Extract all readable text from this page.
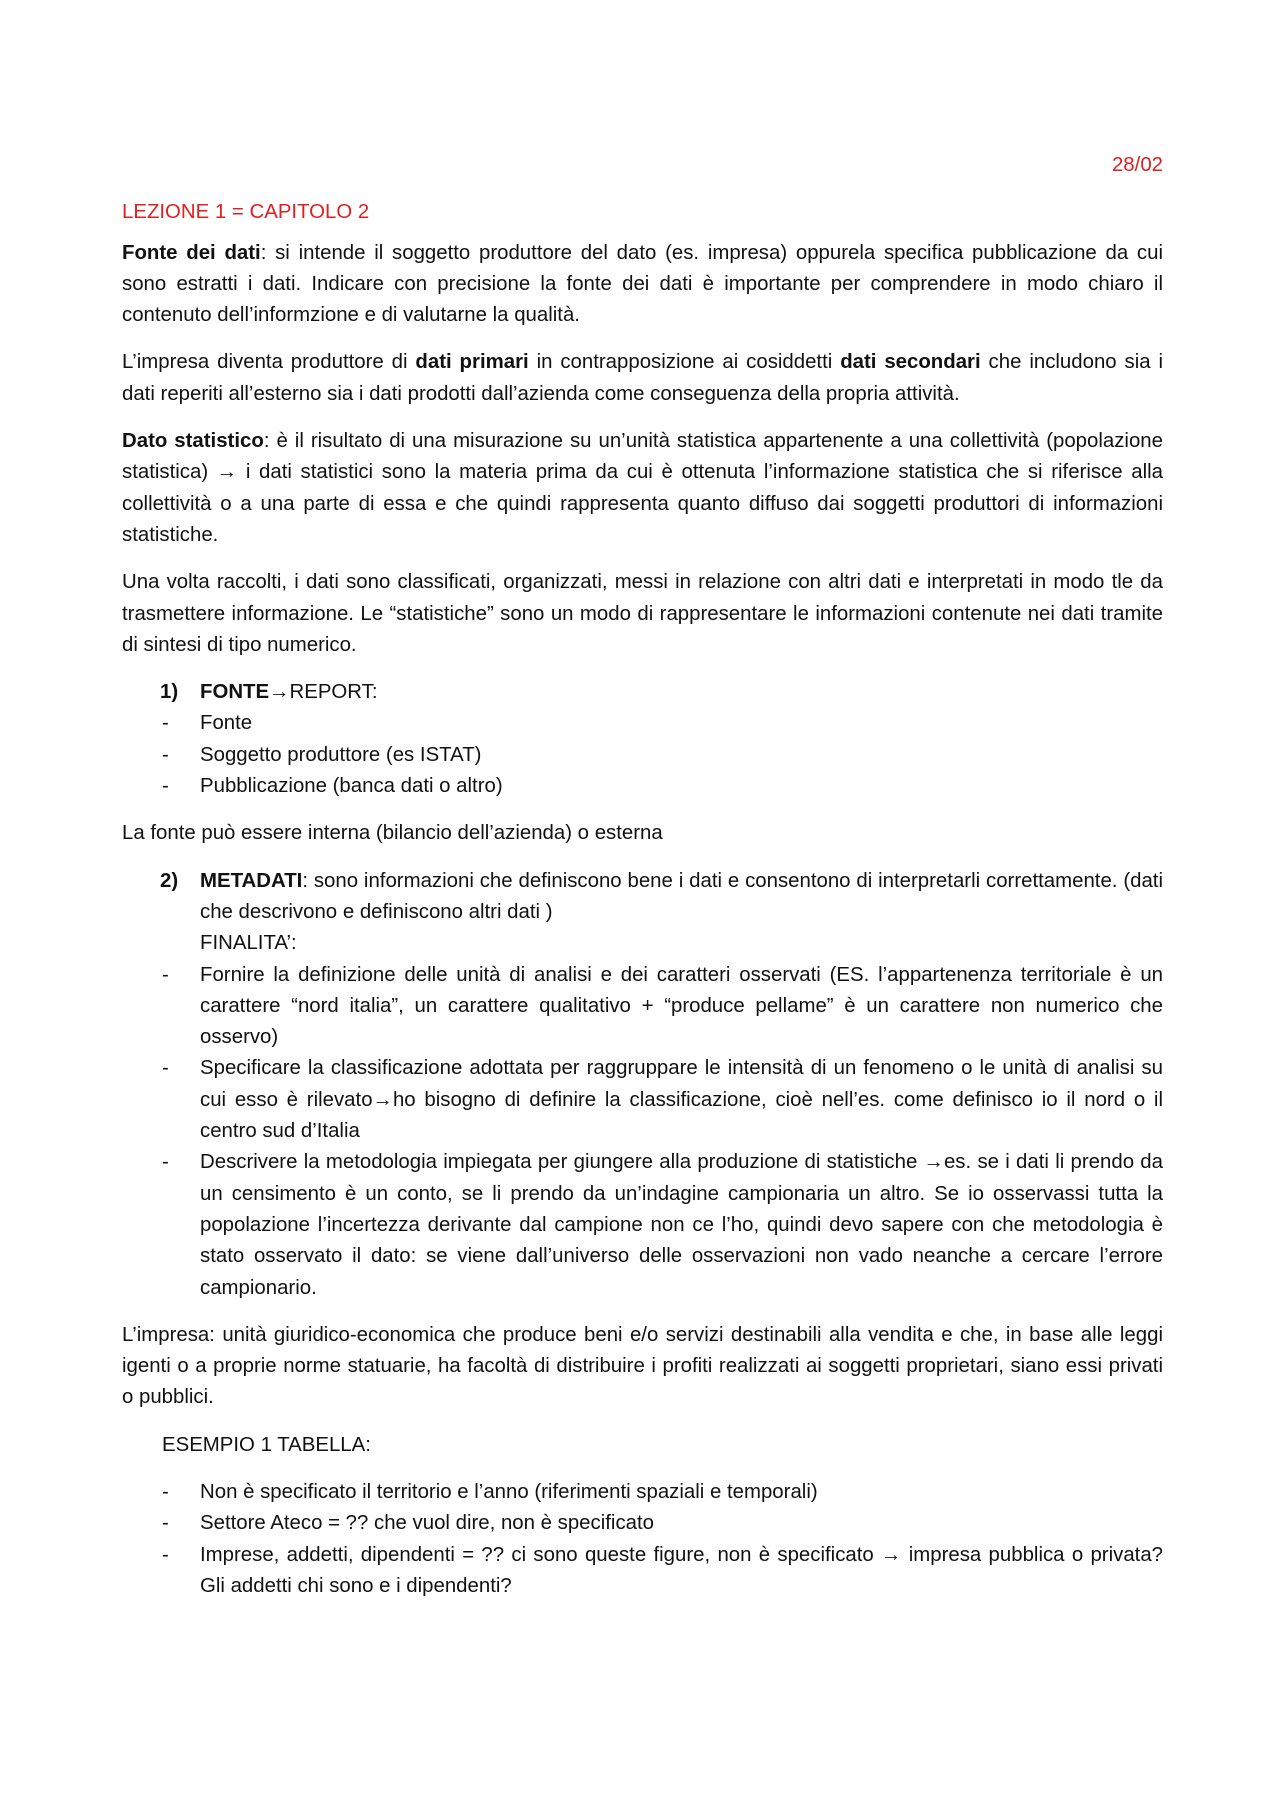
28/02
LEZIONE 1 = CAPITOLO 2

Fonte dei dati: si intende il soggetto produttore del dato (es. impresa) oppurela specifica pubblicazione da cui sono estratti i dati. Indicare con precisione la fonte dei dati è importante per comprendere in modo chiaro il contenuto dell’informzione e di valutarne la qualità.

L’impresa diventa produttore di dati primari in contrapposizione ai cosiddetti dati secondari che includono sia i dati reperiti all’esterno sia i dati prodotti dall’azienda come conseguenza della propria attività.

Dato statistico: è il risultato di una misurazione su un’unità statistica appartenente a una collettività (popolazione statistica) → i dati statistici sono la materia prima da cui è ottenuta l’informazione statistica che si riferisce alla collettività o a una parte di essa e che quindi rappresenta quanto diffuso dai soggetti produttori di informazioni statistiche.

Una volta raccolti, i dati sono classificati, organizzati, messi in relazione con altri dati e interpretati in modo tle da trasmettere informazione. Le “statistiche” sono un modo di rappresentare le informazioni contenute nei dati tramite di sintesi di tipo numerico.

1) FONTE→REPORT:
- Fonte
- Soggetto produttore (es ISTAT)
- Pubblicazione (banca dati o altro)

La fonte può essere interna (bilancio dell’azienda) o esterna

2) METADATI: sono informazioni che definiscono bene i dati e consentono di interpretarli correttamente. (dati che descrivono e definiscono altri dati )
FINALITA’:
- Fornire la definizione delle unità di analisi e dei caratteri osservati (ES. l’appartenenza territoriale è un carattere “nord italia”, un carattere qualitativo + “produce pellame” è un carattere non numerico che osservo)
- Specificare la classificazione adottata per raggruppare le intensità di un fenomeno o le unità di analisi su cui esso è rilevato→ho bisogno di definire la classificazione, cioè nell’es. come definisco io il nord o il centro sud d’Italia
- Descrivere la metodologia impiegata per giungere alla produzione di statistiche →es. se i dati li prendo da un censimento è un conto, se li prendo da un’indagine campionaria un altro. Se io osservassi tutta la popolazione l’incertezza derivante dal campione non ce l’ho, quindi devo sapere con che metodologia è stato osservato il dato: se viene dall’universo delle osservazioni non vado neanche a cercare l’errore campionario.

L’impresa: unità giuridico-economica che produce beni e/o servizi destinabili alla vendita e che, in base alle leggi igenti o a proprie norme statuarie, ha facoltà di distribuire i profiti realizzati ai soggetti proprietari, siano essi privati o pubblici.

ESEMPIO 1 TABELLA:
- Non è specificato il territorio e l’anno (riferimenti spaziali e temporali)
- Settore Ateco = ?? che vuol dire, non è specificato
- Imprese, addetti, dipendenti = ?? ci sono queste figure, non è specificato → impresa pubblica o privata? Gli addetti chi sono e i dipendenti?
